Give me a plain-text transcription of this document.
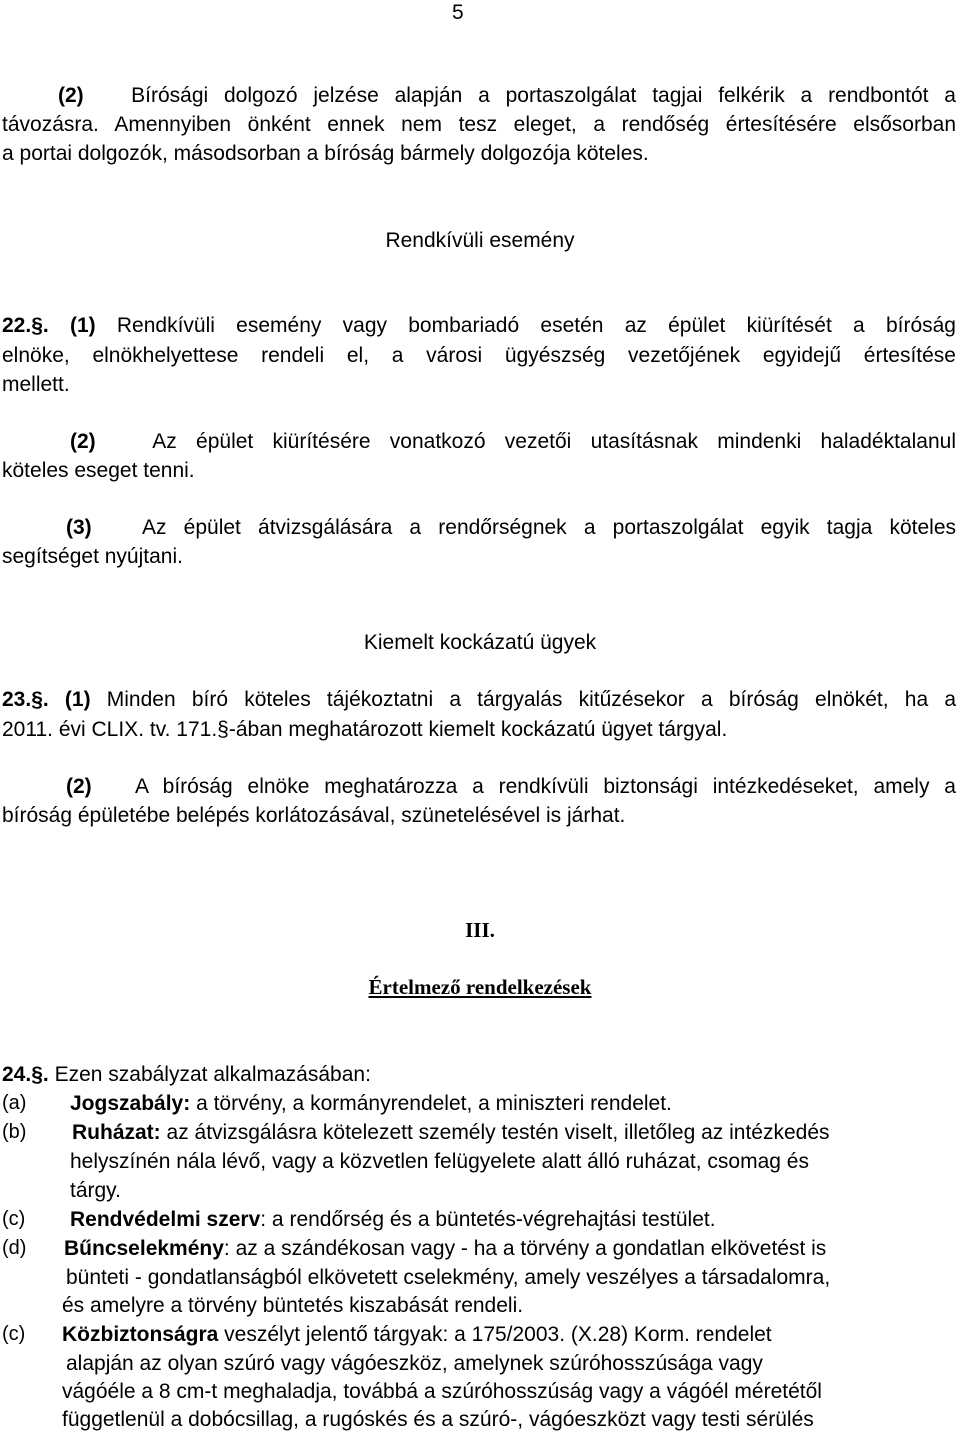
5
(2) Bírósági dolgozó jelzése alapján a portaszolgálat tagjai felkérik a rendbontót a
távozásra. Amennyiben önként ennek nem tesz eleget, a rendőség értesítésére elsősorban
a portai dolgozók, másodsorban a bíróság bármely dolgozója köteles.
Rendkívüli esemény
22.§. (1) Rendkívüli esemény vagy bombariadó esetén az épület kiürítését a bíróság
elnöke, elnökhelyettese rendeli el, a városi ügyészség vezetőjének egyidejű értesítése
mellett.
(2)	Az épület kiürítésére vonatkozó vezetői utasításnak mindenki haladéktalanul
köteles eseget tenni.
(3) Az épület átvizsgálására a rendőrségnek a portaszolgálat egyik tagja köteles
segítséget nyújtani.
Kiemelt kockázatú ügyek
23.§. (1) Minden bíró köteles tájékoztatni a tárgyalás kitűzésekor a bíróság elnökét, ha a
2011. évi CLIX. tv. 171.§-ában meghatározott kiemelt kockázatú ügyet tárgyal.
(2) A bíróság elnöke meghatározza a rendkívüli biztonsági intézkedéseket, amely a
bíróság épületébe belépés korlátozásával, szünetelésével is járhat.
III.
Értelmező rendelkezések
24.§. Ezen szabályzat alkalmazásában:
(a) Jogszabály: a törvény, a kormányrendelet, a miniszteri rendelet.
(b) Ruházat: az átvizsgálásra kötelezett személy testén viselt, illetőleg az intézkedés
helyszínén nála lévő, vagy a közvetlen felügyelete alatt álló ruházat, csomag és
tárgy.
(c) Rendvédelmi szerv: a rendőrség és a büntetés-végrehajtási testület.
(d) Bűncselekmény: az a szándékosan vagy - ha a törvény a gondatlan elkövetést is
bünteti - gondatlanságból elkövetett cselekmény, amely veszélyes a társadalomra,
és amelyre a törvény büntetés kiszabását rendeli.
(c) Közbiztonságra veszélyt jelentő tárgyak: a 175/2003. (X.28) Korm. rendelet
alapján az olyan szúró vagy vágóeszköz, amelynek szúróhosszúsága vagy
vágóéle a 8 cm-t meghaladja, továbbá a szúróhosszúság vagy a vágóél méretétől
függetlenül a dobócsillag, a rugóskés és a szúró-, vágóeszközt vagy testi sérülés
